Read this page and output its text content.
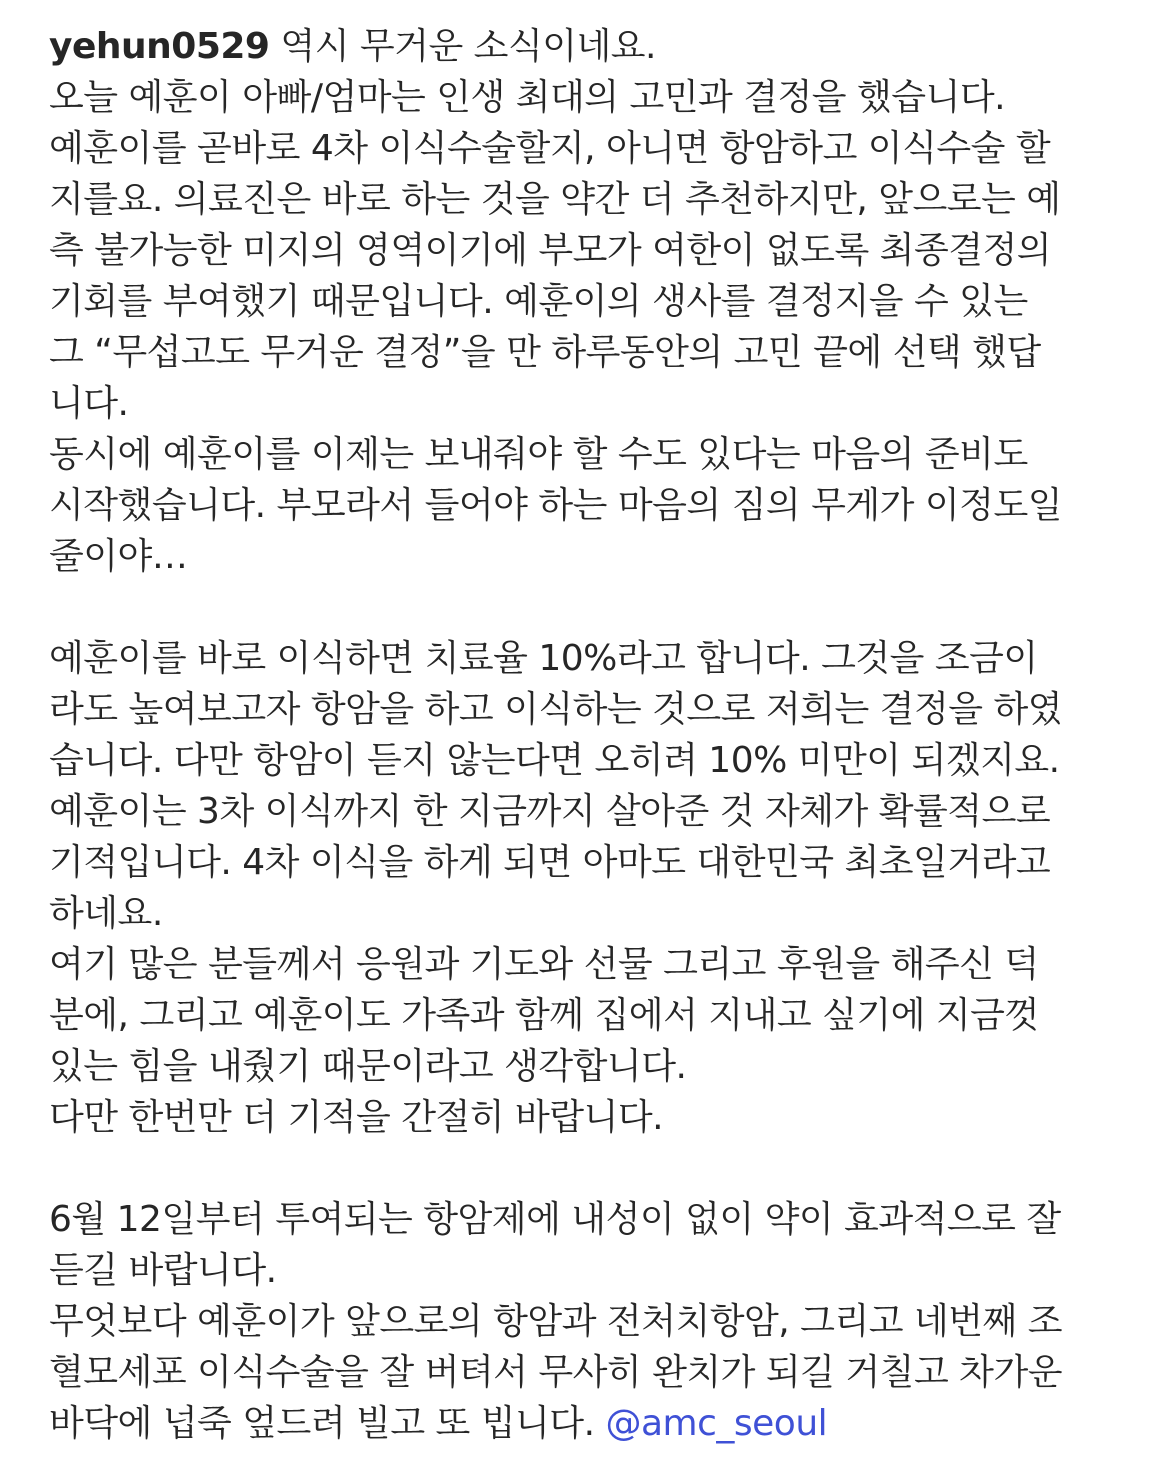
yehun0529 역시 무거운 소식이네요.
오늘 예훈이 아빠/엄마는 인생 최대의 고민과 결정을 했습니다.
예훈이를 곧바로 4차 이식수술할지, 아니면 항암하고 이식수술 할
지를요. 의료진은 바로 하는 것을 약간 더 추천하지만, 앞으로는 예
측 불가능한 미지의 영역이기에 부모가 여한이 없도록 최종결정의
기회를 부여했기 때문입니다. 예훈이의 생사를 결정지을 수 있는
그 “무섭고도 무거운 결정”을 만 하루동안의 고민 끝에 선택 했답
니다.
동시에 예훈이를 이제는 보내줘야 할 수도 있다는 마음의 준비도
시작했습니다. 부모라서 들어야 하는 마음의 짐의 무게가 이정도일
줄이야…
예훈이를 바로 이식하면 치료율 10%라고 합니다. 그것을 조금이
라도 높여보고자 항암을 하고 이식하는 것으로 저희는 결정을 하였
습니다. 다만 항암이 듣지 않는다면 오히려 10% 미만이 되겠지요.
예훈이는 3차 이식까지 한 지금까지 살아준 것 자체가 확률적으로
기적입니다. 4차 이식을 하게 되면 아마도 대한민국 최초일거라고
하네요.
여기 많은 분들께서 응원과 기도와 선물 그리고 후원을 해주신 덕
분에, 그리고 예훈이도 가족과 함께 집에서 지내고 싶기에 지금껏
있는 힘을 내줬기 때문이라고 생각합니다.
다만 한번만 더 기적을 간절히 바랍니다.
6월 12일부터 투여되는 항암제에 내성이 없이 약이 효과적으로 잘
듣길 바랍니다.
무엇보다 예훈이가 앞으로의 항암과 전처치항암, 그리고 네번째 조
혈모세포 이식수술을 잘 버텨서 무사히 완치가 되길 거칠고 차가운
바닥에 넙죽 엎드려 빌고 또 빕니다. @amc_seoul
